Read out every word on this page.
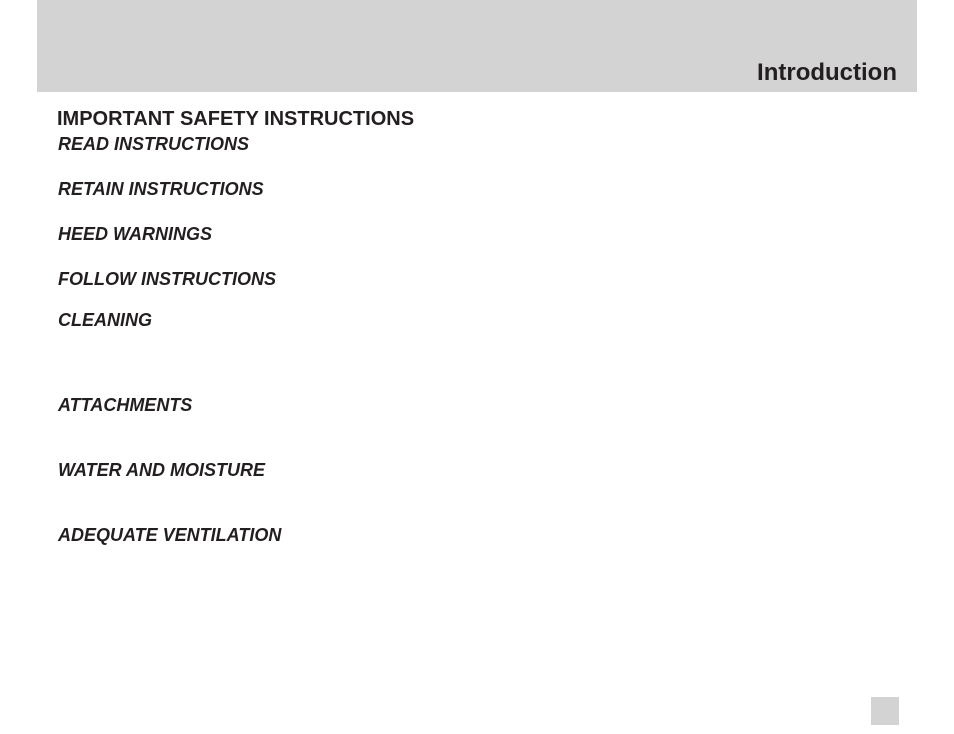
Introduction
IMPORTANT SAFETY INSTRUCTIONS

READ INSTRUCTIONS

RETAIN INSTRUCTIONS

HEED WARNINGS

FOLLOW INSTRUCTIONS

CLEANING

ATTACHMENTS

WATER AND MOISTURE

ADEQUATE VENTILATION
